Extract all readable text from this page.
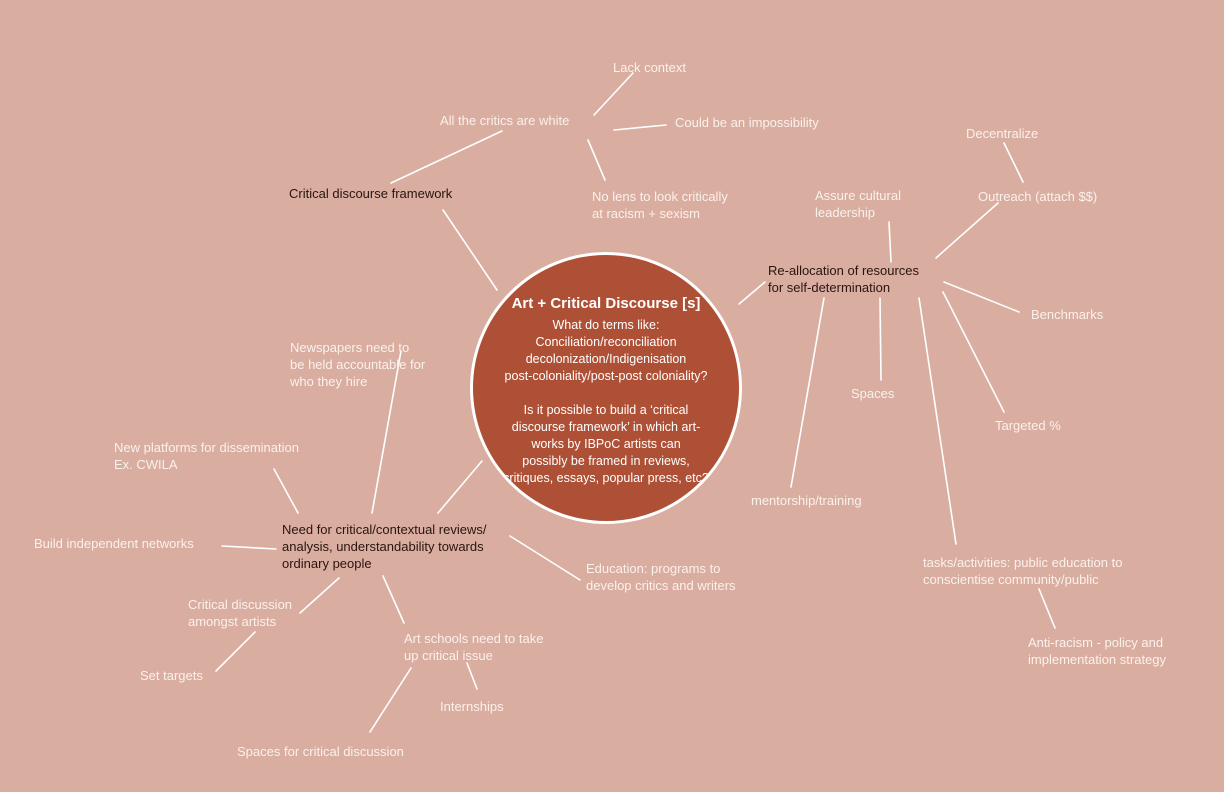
Art + Critical Discourse [s]
What do terms like:
Conciliation/reconciliation
decolonization/Indigenisation
post-coloniality/post-post coloniality?

Is it possible to build a ‘critical
discourse framework’ in which art-
works by IBPoC artists can
possibly be framed in reviews,
critiques, essays, popular press, etc?
Critical discourse framework
All the critics are white
Lack context
Could be an impossibility
No lens to look critically
at racism + sexism
Re-allocation of resources
for self-determination
Assure cultural
leadership
Outreach (attach $$)
Decentralize
Benchmarks
Targeted %
Spaces
mentorship/training
tasks/activities: public education to
conscientise community/public
Anti-racism - policy and
implementation strategy
Need for critical/contextual reviews/
analysis, understandability towards
ordinary people
Newspapers need to
be held accountable for
who they hire
New platforms for dissemination
Ex. CWILA
Build independent networks
Critical discussion
amongst artists
Set targets
Art schools need to take
up critical issue
Internships
Spaces for critical discussion
Education: programs to
develop critics and writers
